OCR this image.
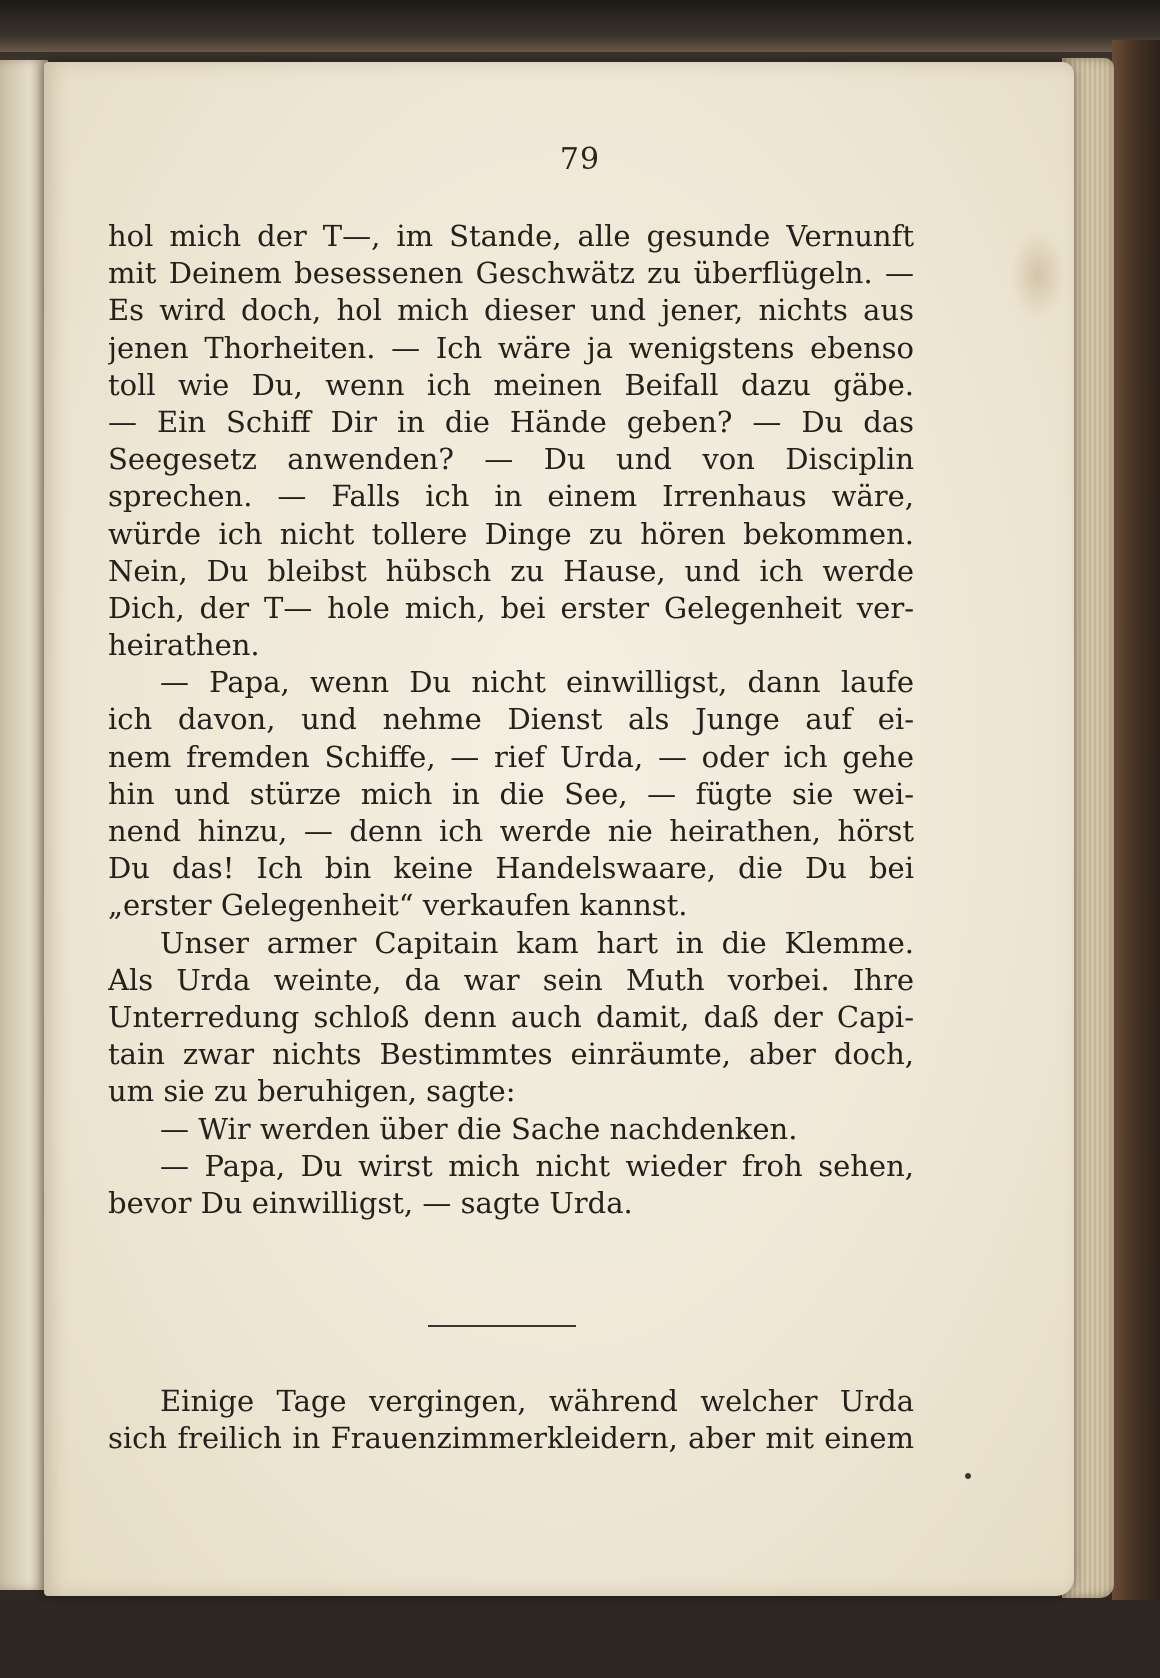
79
hol mich der T—, im Stande, alle gesunde Vernunft
mit Deinem besessenen Geschwätz zu überflügeln. —
Es wird doch, hol mich dieser und jener, nichts aus
jenen Thorheiten. — Ich wäre ja wenigstens ebenso
toll wie Du, wenn ich meinen Beifall dazu gäbe.
— Ein Schiff Dir in die Hände geben? — Du das
Seegesetz anwenden? — Du und von Disciplin
sprechen. — Falls ich in einem Irrenhaus wäre,
würde ich nicht tollere Dinge zu hören bekommen.
Nein, Du bleibst hübsch zu Hause, und ich werde
Dich, der T— hole mich, bei erster Gelegenheit ver-
heirathen.
— Papa, wenn Du nicht einwilligst, dann laufe
ich davon, und nehme Dienst als Junge auf ei-
nem fremden Schiffe, — rief Urda, — oder ich gehe
hin und stürze mich in die See, — fügte sie wei-
nend hinzu, — denn ich werde nie heirathen, hörst
Du das! Ich bin keine Handelswaare, die Du bei
„erster Gelegenheit“ verkaufen kannst.
Unser armer Capitain kam hart in die Klemme.
Als Urda weinte, da war sein Muth vorbei. Ihre
Unterredung schloß denn auch damit, daß der Capi-
tain zwar nichts Bestimmtes einräumte, aber doch,
um sie zu beruhigen, sagte:
— Wir werden über die Sache nachdenken.
— Papa, Du wirst mich nicht wieder froh sehen,
bevor Du einwilligst, — sagte Urda.
Einige Tage vergingen, während welcher Urda
sich freilich in Frauenzimmerkleidern, aber mit einem
